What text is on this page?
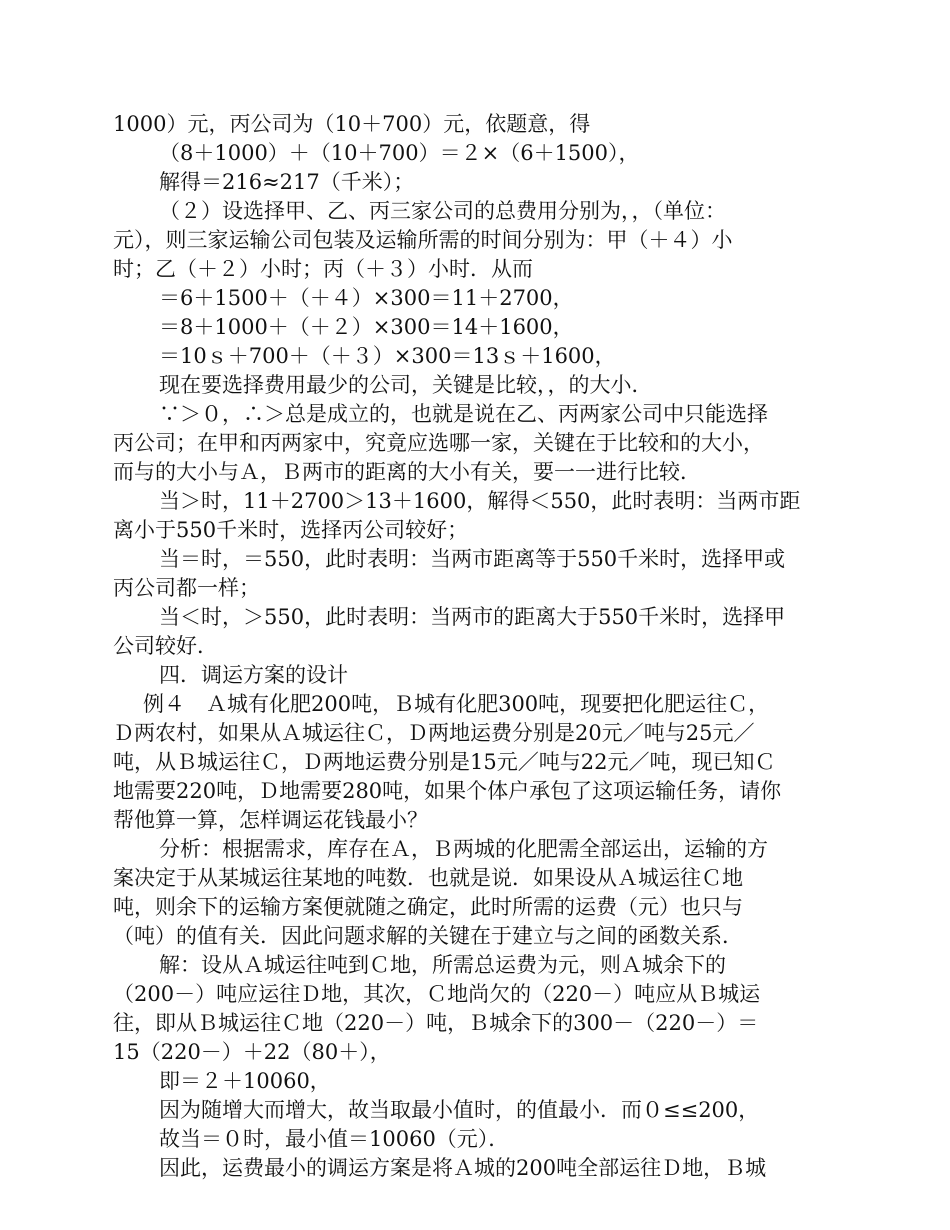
1000）元，丙公司为（10＋700）元，依题意，得
（8＋1000）＋（10＋700）＝２×（6＋1500），
解得＝216≈217（千米）；
（２）设选择甲、乙、丙三家公司的总费用分别为，，（单位：
元），则三家运输公司包装及运输所需的时间分别为：甲（＋４）小
时；乙（＋２）小时；丙（＋３）小时．从而
＝6＋1500＋（＋４）×300＝11＋2700，
＝8＋1000＋（＋２）×300＝14＋1600，
＝10ｓ＋700＋（＋３）×300＝13ｓ＋1600，
现在要选择费用最少的公司，关键是比较，，的大小．
∵＞０，∴＞总是成立的，也就是说在乙、丙两家公司中只能选择
丙公司；在甲和丙两家中，究竟应选哪一家，关键在于比较和的大小，
而与的大小与Ａ，Ｂ两市的距离的大小有关，要一一进行比较．
当＞时，11＋2700＞13＋1600，解得＜550，此时表明：当两市距
离小于550千米时，选择丙公司较好；
当＝时，＝550，此时表明：当两市距离等于550千米时，选择甲或
丙公司都一样；
当＜时，＞550，此时表明：当两市的距离大于550千米时，选择甲
公司较好．
四．调运方案的设计
例４　Ａ城有化肥200吨，Ｂ城有化肥300吨，现要把化肥运往Ｃ，
Ｄ两农村，如果从Ａ城运往Ｃ，Ｄ两地运费分别是20元／吨与25元／
吨，从Ｂ城运往Ｃ，Ｄ两地运费分别是15元／吨与22元／吨，现已知Ｃ
地需要220吨，Ｄ地需要280吨，如果个体户承包了这项运输任务，请你
帮他算一算，怎样调运花钱最小？
分析：根据需求，库存在Ａ，Ｂ两城的化肥需全部运出，运输的方
案决定于从某城运往某地的吨数．也就是说．如果设从Ａ城运往Ｃ地
吨，则余下的运输方案便就随之确定，此时所需的运费（元）也只与
（吨）的值有关．因此问题求解的关键在于建立与之间的函数关系．
解：设从Ａ城运往吨到Ｃ地，所需总运费为元，则Ａ城余下的
（200－）吨应运往Ｄ地，其次，Ｃ地尚欠的（220－）吨应从Ｂ城运
往，即从Ｂ城运往Ｃ地（220－）吨，Ｂ城余下的300－（220－）＝
15（220－）＋22（80＋），
即＝２＋10060，
因为随增大而增大，故当取最小值时，的值最小．而０≤≤200，
故当＝０时，最小值＝10060（元）．
因此，运费最小的调运方案是将Ａ城的200吨全部运往Ｄ地，Ｂ城
